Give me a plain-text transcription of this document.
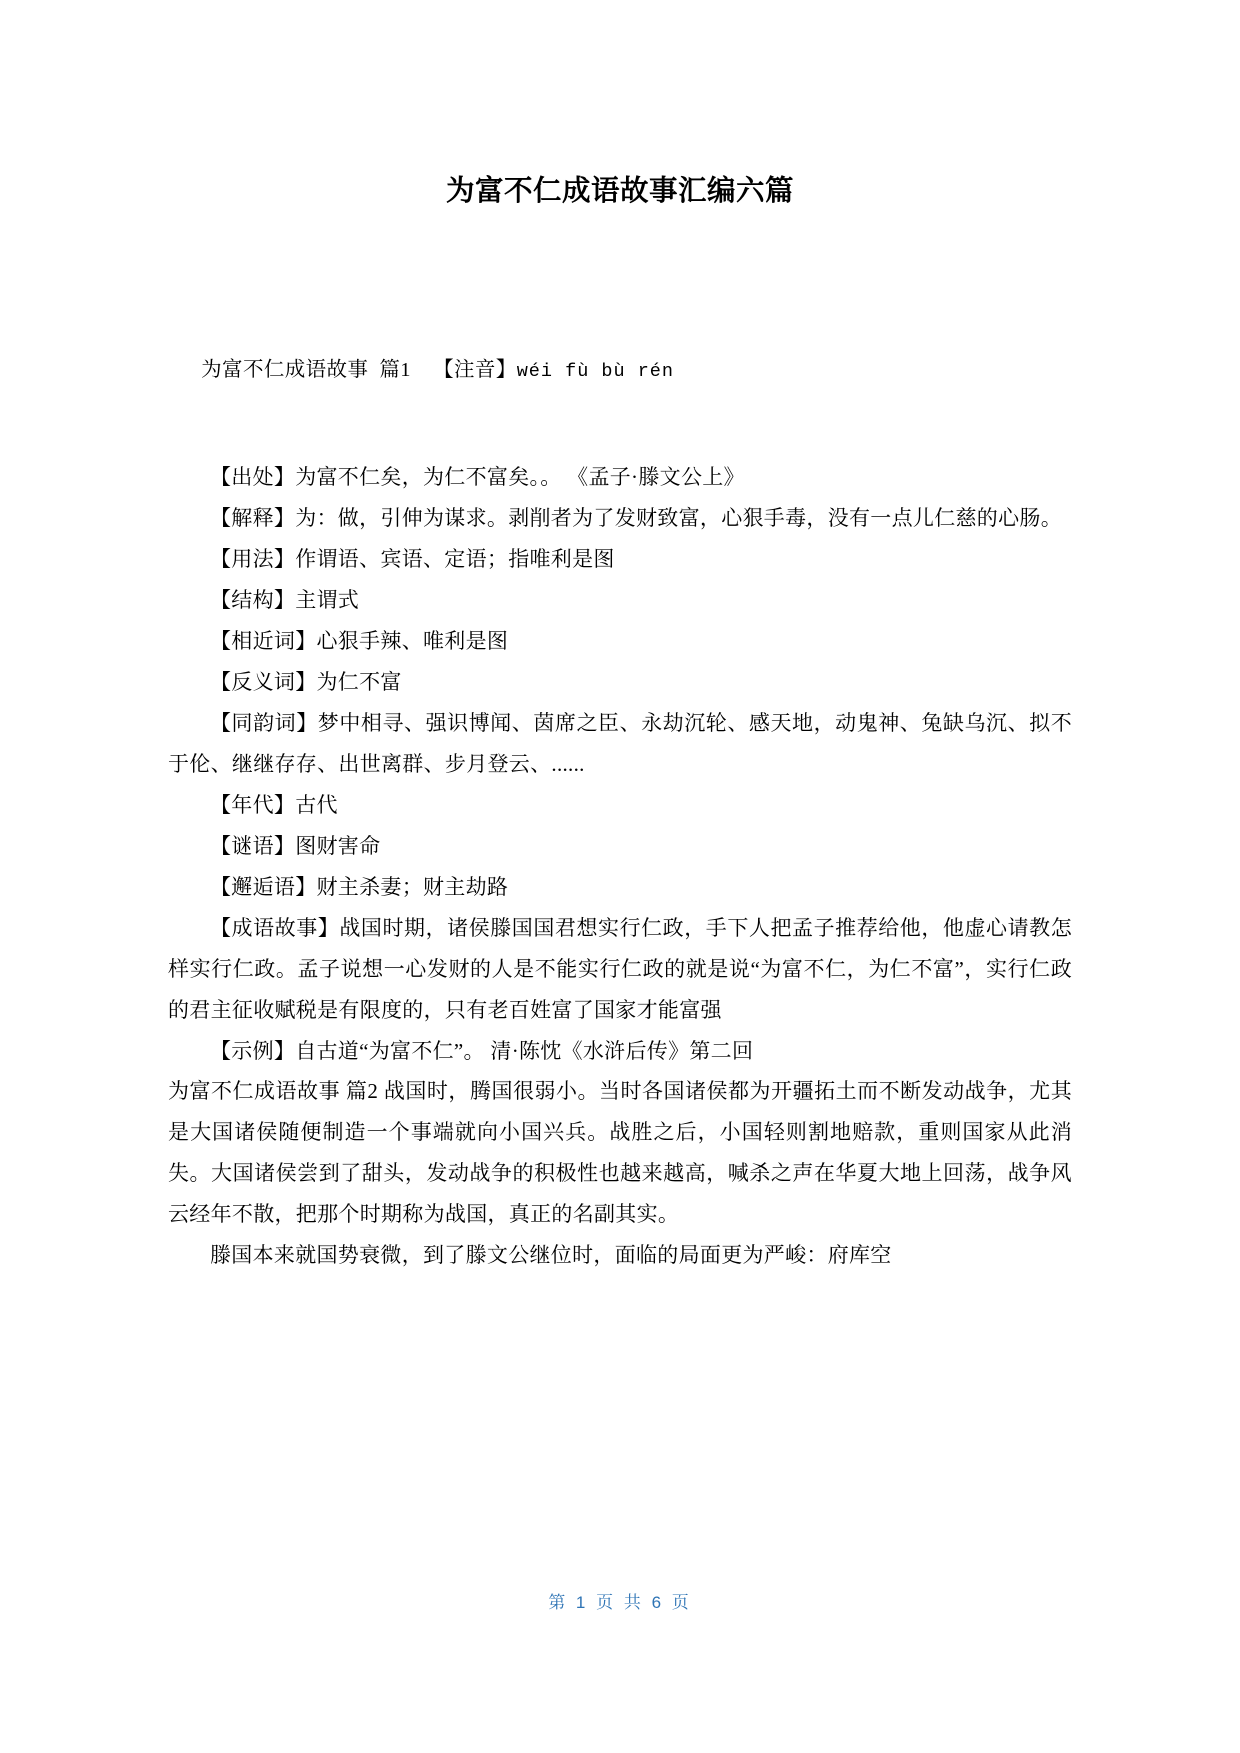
为富不仁成语故事汇编六篇

为富不仁成语故事  篇1 【注音】wéi fù bù rén

【出处】为富不仁矣，为仁不富矣。。 《孟子·滕文公上》

【解释】为：做，引伸为谋求。剥削者为了发财致富，心狠手毒，没有一点儿仁慈的心肠。

【用法】作谓语、宾语、定语；指唯利是图

【结构】主谓式

【相近词】心狠手辣、唯利是图

【反义词】为仁不富

【同韵词】梦中相寻、强识博闻、茵席之臣、永劫沉轮、感天地，动鬼神、兔缺乌沉、拟不于伦、继继存存、出世离群、步月登云、......

【年代】古代

【谜语】图财害命

【邂逅语】财主杀妻；财主劫路

【成语故事】战国时期，诸侯滕国国君想实行仁政，手下人把孟子推荐给他，他虚心请教怎样实行仁政。孟子说想一心发财的人是不能实行仁政的就是说“为富不仁，为仁不富”，实行仁政的君主征收赋税是有限度的，只有老百姓富了国家才能富强

【示例】自古道“为富不仁”。 清·陈忱《水浒后传》第二回

为富不仁成语故事 篇2 战国时，腾国很弱小。当时各国诸侯都为开疆拓土而不断发动战争，尤其是大国诸侯随便制造一个事端就向小国兴兵。战胜之后，小国轻则割地赔款，重则国家从此消失。大国诸侯尝到了甜头，发动战争的积极性也越来越高，喊杀之声在华夏大地上回荡，战争风云经年不散，把那个时期称为战国，真正的名副其实。

滕国本来就国势衰微，到了滕文公继位时，面临的局面更为严峻：府库空

第 1 页 共 6 页
